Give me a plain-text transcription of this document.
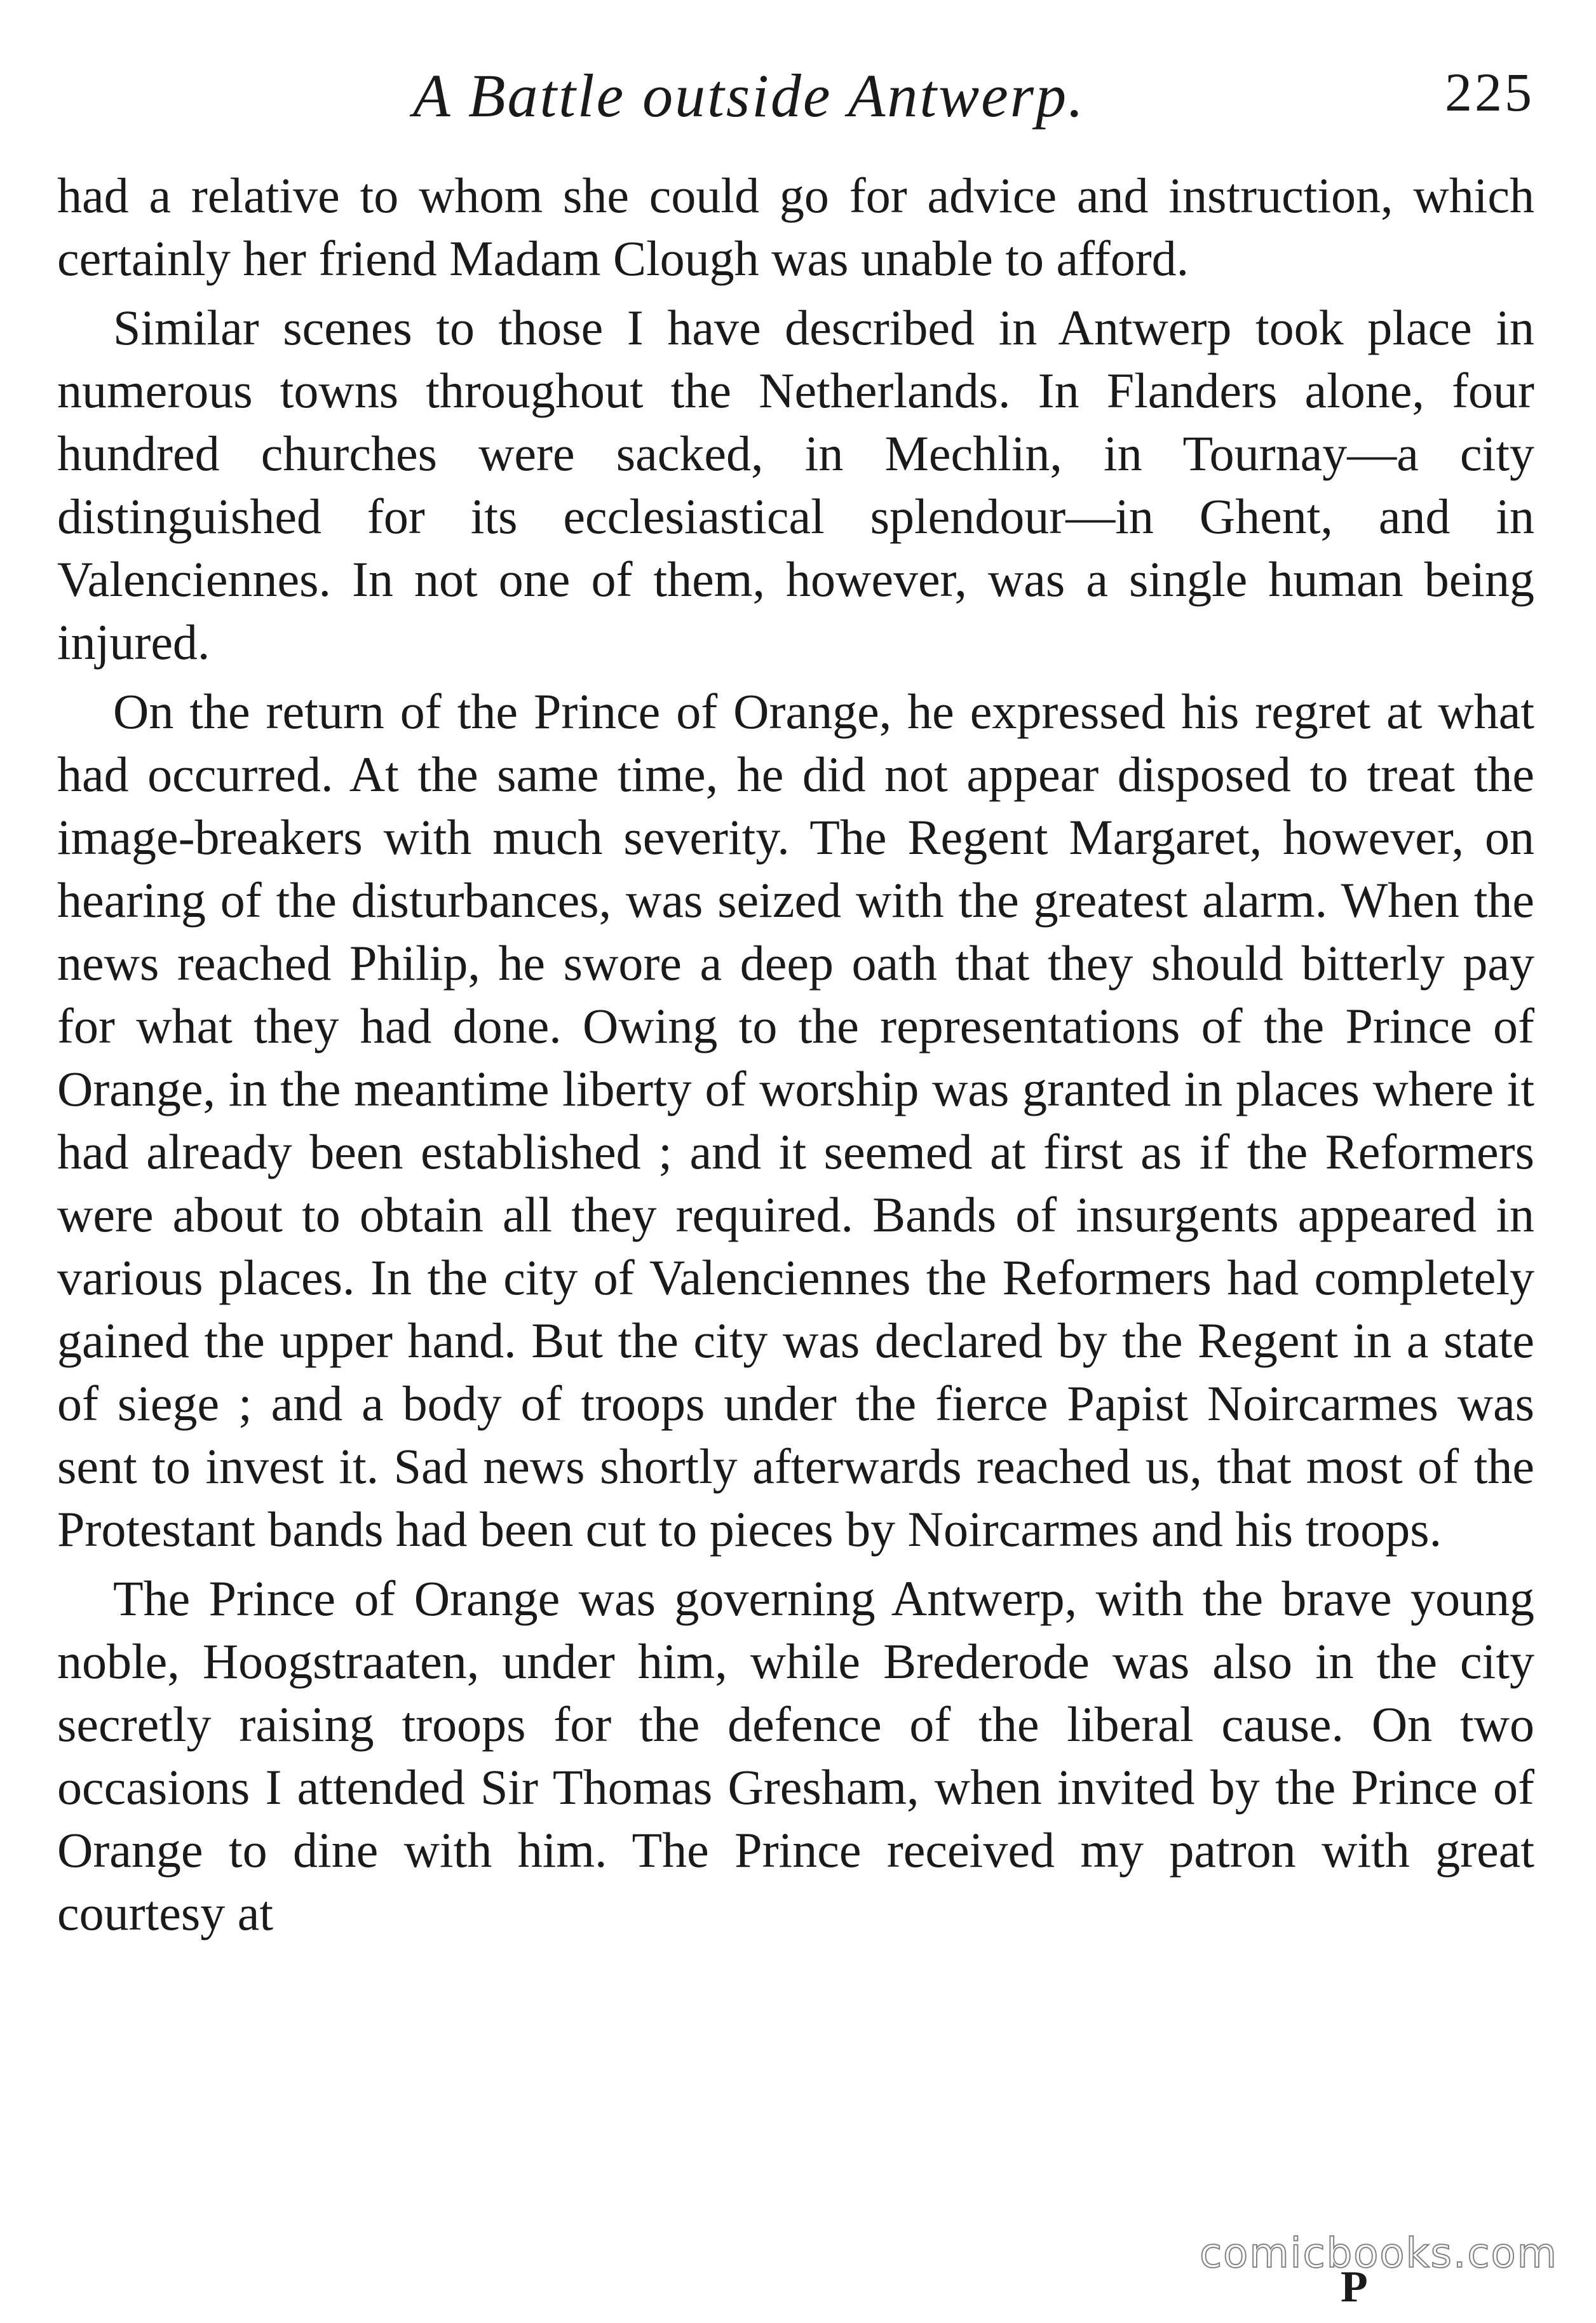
A Battle outside Antwerp.	225

had a relative to whom she could go for advice and instruction, which certainly her friend Madam Clough was unable to afford.

Similar scenes to those I have described in Antwerp took place in numerous towns throughout the Netherlands. In Flanders alone, four hundred churches were sacked, in Mechlin, in Tournay—a city distinguished for its ecclesiastical splendour—in Ghent, and in Valenciennes. In not one of them, however, was a single human being injured.

On the return of the Prince of Orange, he expressed his regret at what had occurred. At the same time, he did not appear disposed to treat the image-breakers with much severity. The Regent Margaret, however, on hearing of the disturbances, was seized with the greatest alarm. When the news reached Philip, he swore a deep oath that they should bitterly pay for what they had done. Owing to the representations of the Prince of Orange, in the meantime liberty of worship was granted in places where it had already been established ; and it seemed at first as if the Reformers were about to obtain all they required. Bands of insurgents appeared in various places. In the city of Valenciennes the Reformers had completely gained the upper hand. But the city was declared by the Regent in a state of siege ; and a body of troops under the fierce Papist Noircarmes was sent to invest it. Sad news shortly afterwards reached us, that most of the Protestant bands had been cut to pieces by Noircarmes and his troops.

The Prince of Orange was governing Antwerp, with the brave young noble, Hoogstraaten, under him, while Brederode was also in the city secretly raising troops for the defence of the liberal cause. On two occasions I attended Sir Thomas Gresham, when invited by the Prince of Orange to dine with him. The Prince received my patron with great courtesy at

P
comicbooks.com
